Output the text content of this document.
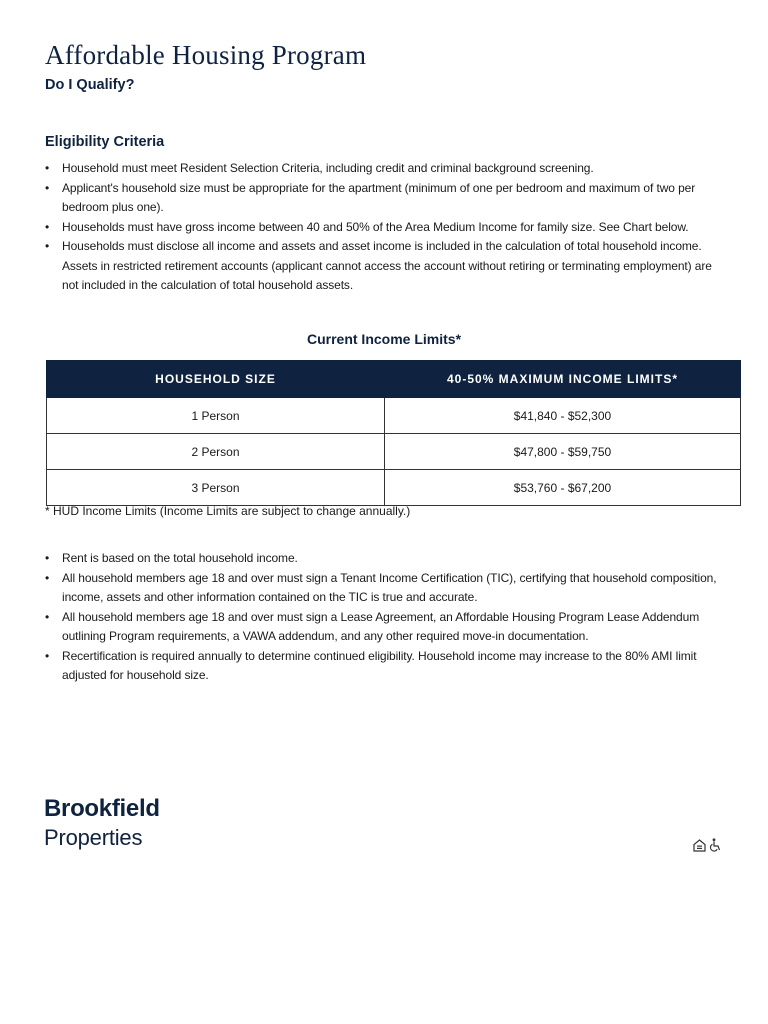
Affordable Housing Program
Do I Qualify?
Eligibility Criteria
• Household must meet Resident Selection Criteria, including credit and criminal background screening.
• Applicant's household size must be appropriate for the apartment (minimum of one per bedroom and maximum of two per bedroom plus one).
• Households must have gross income between 40 and 50% of the Area Medium Income for family size. See Chart below.
• Households must disclose all income and assets and asset income is included in the calculation of total household income. Assets in restricted retirement accounts (applicant cannot access the account without retiring or terminating employment) are not included in the calculation of total household assets.
Current Income Limits*
HOUSEHOLD SIZE	40-50% MAXIMUM INCOME LIMITS*
1 Person	$41,840 - $52,300
2 Person	$47,800 - $59,750
3 Person	$53,760 - $67,200
* HUD Income Limits (Income Limits are subject to change annually.)
• Rent is based on the total household income.
• All household members age 18 and over must sign a Tenant Income Certification (TIC), certifying that household composition, income, assets and other information contained on the TIC is true and accurate.
• All household members age 18 and over must sign a Lease Agreement, an Affordable Housing Program Lease Addendum outlining Program requirements, a VAWA addendum, and any other required move-in documentation.
• Recertification is required annually to determine continued eligibility. Household income may increase to the 80% AMI limit adjusted for household size.
Brookfield
Properties
